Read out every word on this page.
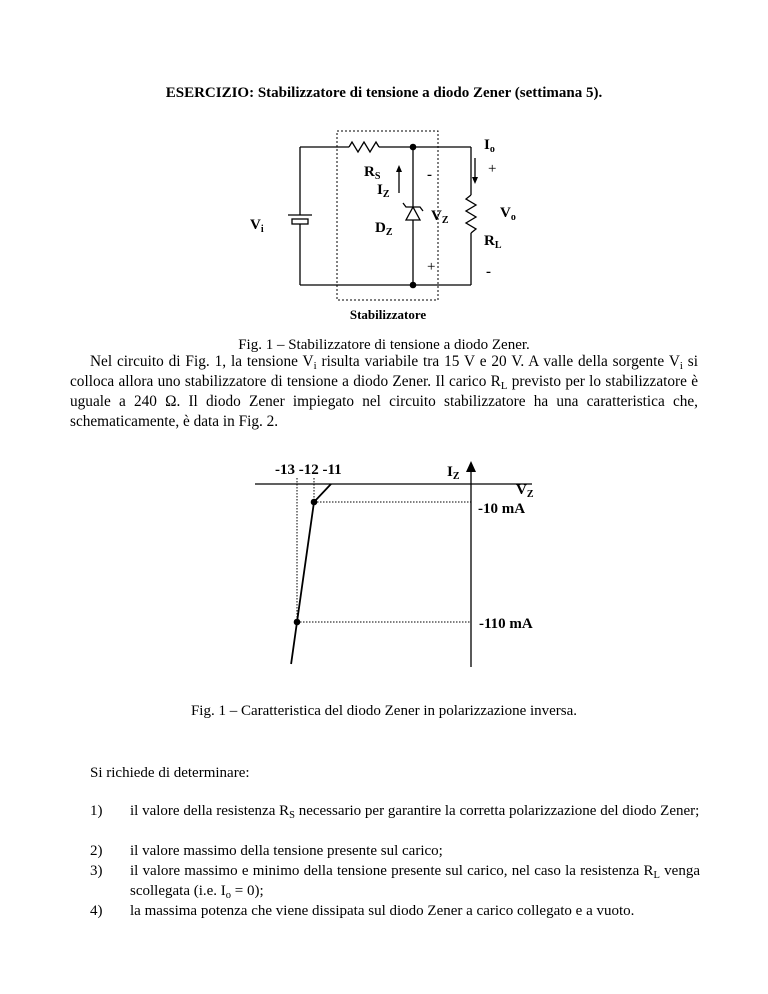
ESERCIZIO: Stabilizzatore di tensione a diodo Zener (settimana 5).
$I_o$
+
-
$R_S$
$I_Z$
$V_i$	$D_Z$
$V_Z$	$V_o$
$R_L$
+	-
Stabilizzatore
Fig. 1 – Stabilizzatore di tensione a diodo Zener.
Nel circuito di Fig. 1, la tensione $V_i$ risulta variabile tra 15 V e 20 V. A valle della sorgente $V_i$ si colloca allora uno stabilizzatore di tensione a diodo Zener. Il carico $R_L$ previsto per lo stabilizzatore è uguale a 240 Ω. Il diodo Zener impiegato nel circuito stabilizzatore ha una caratteristica che, schematicamente, è data in Fig. 2.
-13 -12 -11	$I_Z$
$V_Z$
-10 mA
-110 mA
Fig. 1 – Caratteristica del diodo Zener in polarizzazione inversa.
Si richiede di determinare:
1) il valore della resistenza $R_S$ necessario per garantire la corretta polarizzazione del diodo Zener;
2) il valore massimo della tensione presente sul carico;
3) il valore massimo e minimo della tensione presente sul carico, nel caso la resistenza $R_L$ venga scollegata (i.e. $I_o = 0$);
4) la massima potenza che viene dissipata sul diodo Zener a carico collegato e a vuoto.
